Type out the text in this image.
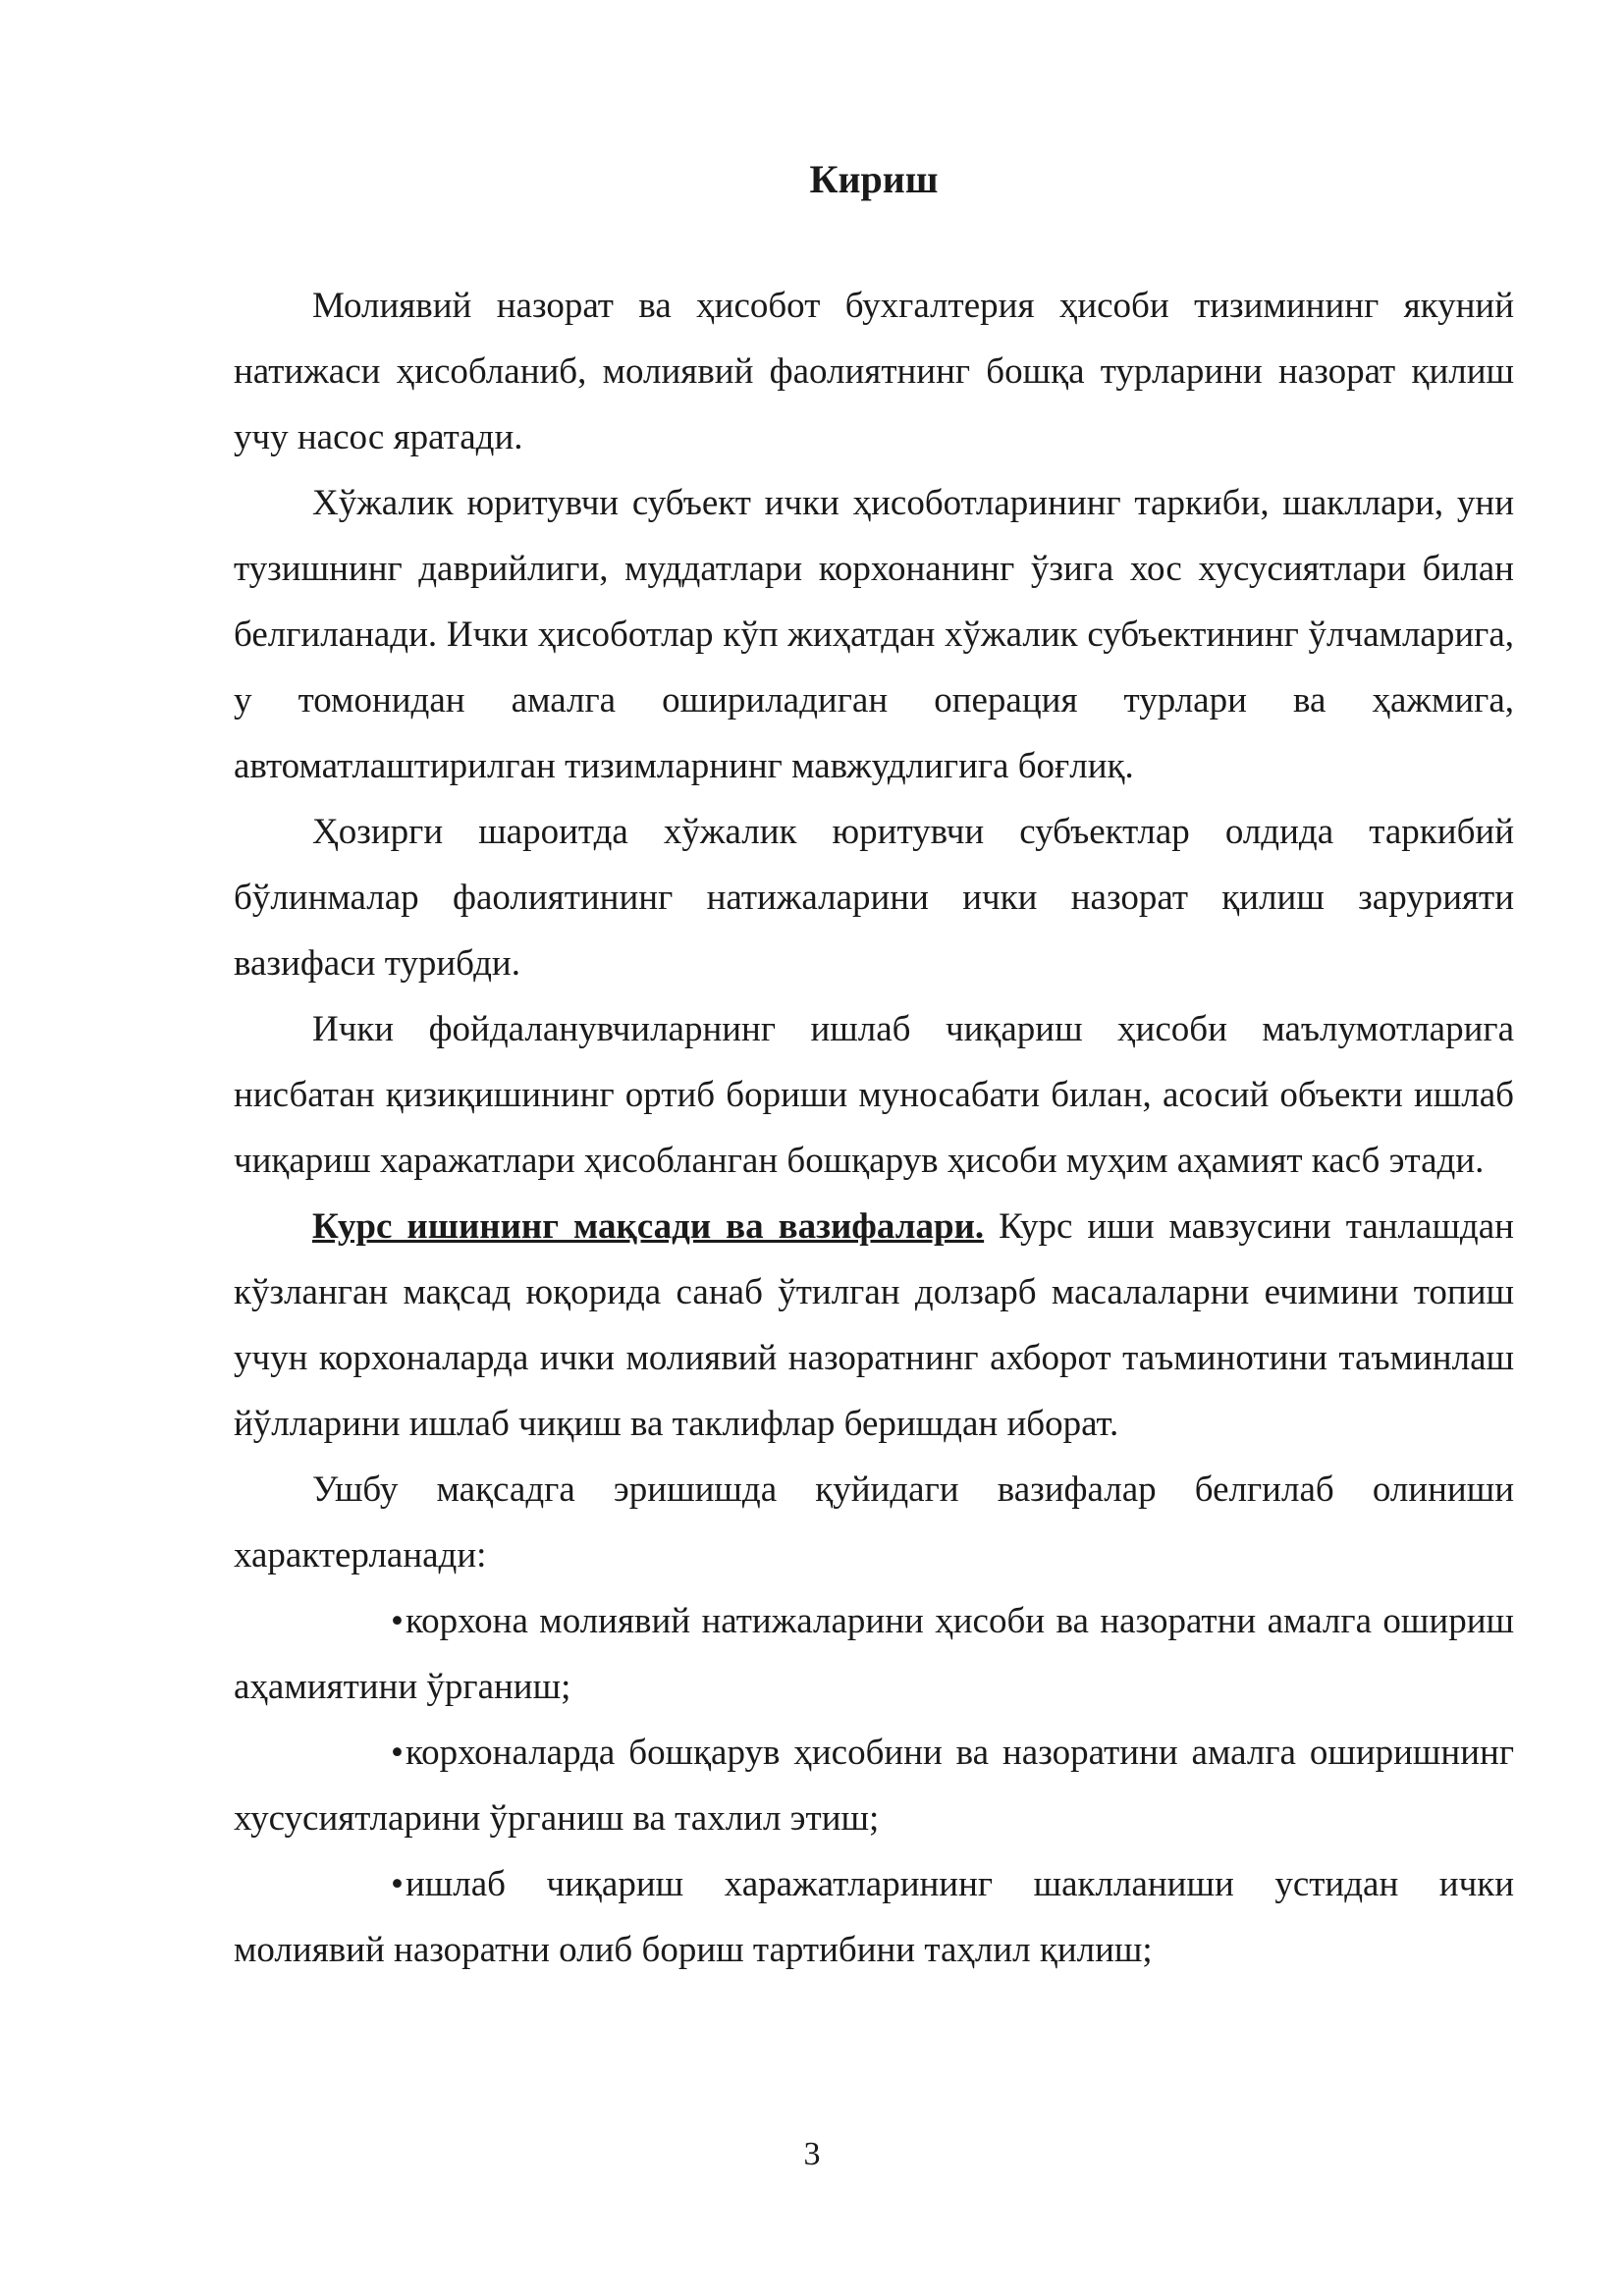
Кириш

Молиявий назорат ва ҳисобот бухгалтерия ҳисоби тизимининг якуний натижаси ҳисобланиб, молиявий фаолиятнинг бошқа турларини назорат қилиш учу насос яратади.

Хўжалик юритувчи субъект ички ҳисоботларининг таркиби, шакллари, уни тузишнинг даврийлиги, муддатлари корхонанинг ўзига хос хусусиятлари билан белгиланади. Ички ҳисоботлар кўп жиҳатдан хўжалик субъектининг ўлчамларига, у томонидан амалга ошириладиган операция турлари ва ҳажмига, автоматлаштирилган тизимларнинг мавжудлигига боғлиқ.

Ҳозирги шароитда хўжалик юритувчи субъектлар олдида таркибий бўлинмалар фаолиятининг натижаларини ички назорат қилиш зарурияти вазифаси турибди.

Ички фойдаланувчиларнинг ишлаб чиқариш ҳисоби маълумотларига нисбатан қизиқишининг ортиб бориши муносабати билан, асосий объекти ишлаб чиқариш харажатлари ҳисобланган бошқарув ҳисоби муҳим аҳамият касб этади.

Курс ишининг мақсади ва вазифалари. Курс иши мавзусини танлашдан кўзланган мақсад юқорида санаб ўтилган долзарб масалаларни ечимини топиш учун корхоналарда ички молиявий назоратнинг ахборот таъминотини таъминлаш йўлларини ишлаб чиқиш ва таклифлар беришдан иборат.

Ушбу мақсадга эришишда қуйидаги вазифалар белгилаб олиниши характерланади:

•корхона молиявий натижаларини ҳисоби ва назоратни амалга ошириш аҳамиятини ўрганиш;

•корхоналарда бошқарув ҳисобини ва назоратини амалга оширишнинг хусусиятларини ўрганиш ва тахлил этиш;

•ишлаб чиқариш харажатларининг шаклланиши устидан ички молиявий назоратни олиб бориш тартибини таҳлил қилиш;

3
